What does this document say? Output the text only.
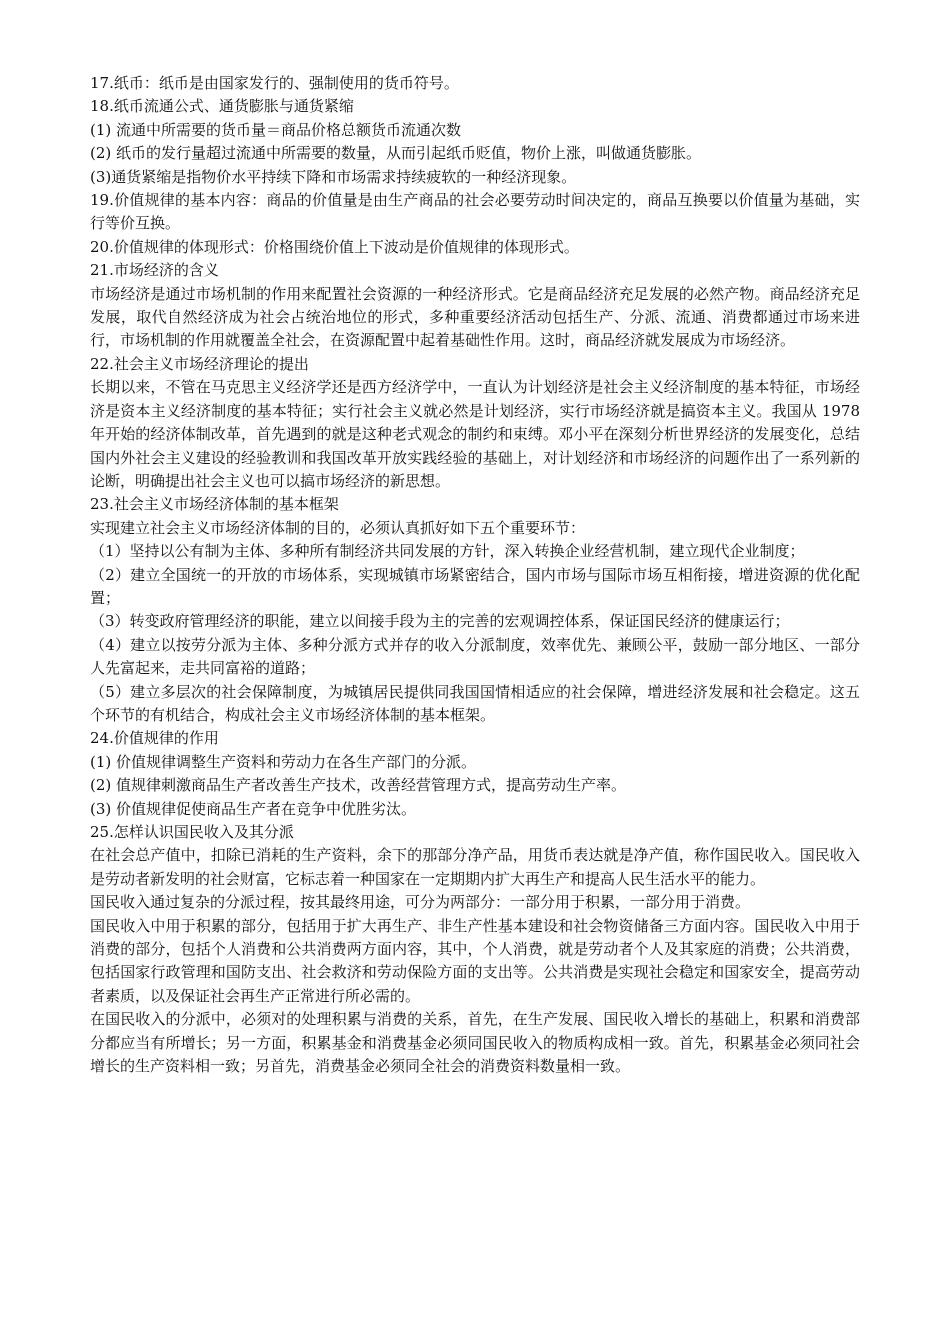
17.纸币：纸币是由国家发行的、强制使用的货币符号。

18.纸币流通公式、通货膨胀与通货紧缩

(1) 流通中所需要的货币量＝商品价格总额货币流通次数

(2) 纸币的发行量超过流通中所需要的数量，从而引起纸币贬值，物价上涨，叫做通货膨胀。

(3)通货紧缩是指物价水平持续下降和市场需求持续疲软的一种经济现象。

19.价值规律的基本内容：商品的价值量是由生产商品的社会必要劳动时间决定的，商品互换要以价值量为基础，实行等价互换。

20.价值规律的体现形式：价格围绕价值上下波动是价值规律的体现形式。

21.市场经济的含义

市场经济是通过市场机制的作用来配置社会资源的一种经济形式。它是商品经济充足发展的必然产物。商品经济充足发展，取代自然经济成为社会占统治地位的形式，多种重要经济活动包括生产、分派、流通、消费都通过市场来进行，市场机制的作用就覆盖全社会，在资源配置中起着基础性作用。这时，商品经济就发展成为市场经济。

22.社会主义市场经济理论的提出

长期以来，不管在马克思主义经济学还是西方经济学中，一直认为计划经济是社会主义经济制度的基本特征，市场经济是资本主义经济制度的基本特征；实行社会主义就必然是计划经济，实行市场经济就是搞资本主义。我国从 1978 年开始的经济体制改革，首先遇到的就是这种老式观念的制约和束缚。邓小平在深刻分析世界经济的发展变化，总结国内外社会主义建设的经验教训和我国改革开放实践经验的基础上，对计划经济和市场经济的问题作出了一系列新的论断，明确提出社会主义也可以搞市场经济的新思想。

23.社会主义市场经济体制的基本框架

实现建立社会主义市场经济体制的目的，必须认真抓好如下五个重要环节：

（1）坚持以公有制为主体、多种所有制经济共同发展的方针，深入转换企业经营机制，建立现代企业制度；

（2）建立全国统一的开放的市场体系，实现城镇市场紧密结合，国内市场与国际市场互相衔接，增进资源的优化配置；

（3）转变政府管理经济的职能，建立以间接手段为主的完善的宏观调控体系，保证国民经济的健康运行；

（4）建立以按劳分派为主体、多种分派方式并存的收入分派制度，效率优先、兼顾公平，鼓励一部分地区、一部分人先富起来，走共同富裕的道路；

（5）建立多层次的社会保障制度，为城镇居民提供同我国国情相适应的社会保障，增进经济发展和社会稳定。这五个环节的有机结合，构成社会主义市场经济体制的基本框架。

24.价值规律的作用

(1) 价值规律调整生产资料和劳动力在各生产部门的分派。

(2) 值规律刺激商品生产者改善生产技术，改善经营管理方式，提高劳动生产率。

(3) 价值规律促使商品生产者在竞争中优胜劣汰。

25.怎样认识国民收入及其分派

在社会总产值中，扣除已消耗的生产资料，余下的那部分净产品，用货币表达就是净产值，称作国民收入。国民收入是劳动者新发明的社会财富，它标志着一种国家在一定期期内扩大再生产和提高人民生活水平的能力。

国民收入通过复杂的分派过程，按其最终用途，可分为两部分：一部分用于积累，一部分用于消费。

国民收入中用于积累的部分，包括用于扩大再生产、非生产性基本建设和社会物资储备三方面内容。国民收入中用于消费的部分，包括个人消费和公共消费两方面内容，其中，个人消费，就是劳动者个人及其家庭的消费；公共消费，包括国家行政管理和国防支出、社会救济和劳动保险方面的支出等。公共消费是实现社会稳定和国家安全，提高劳动者素质，以及保证社会再生产正常进行所必需的。

在国民收入的分派中，必须对的处理积累与消费的关系，首先，在生产发展、国民收入增长的基础上，积累和消费部分都应当有所增长；另一方面，积累基金和消费基金必须同国民收入的物质构成相一致。首先，积累基金必须同社会增长的生产资料相一致；另首先，消费基金必须同全社会的消费资料数量相一致。
